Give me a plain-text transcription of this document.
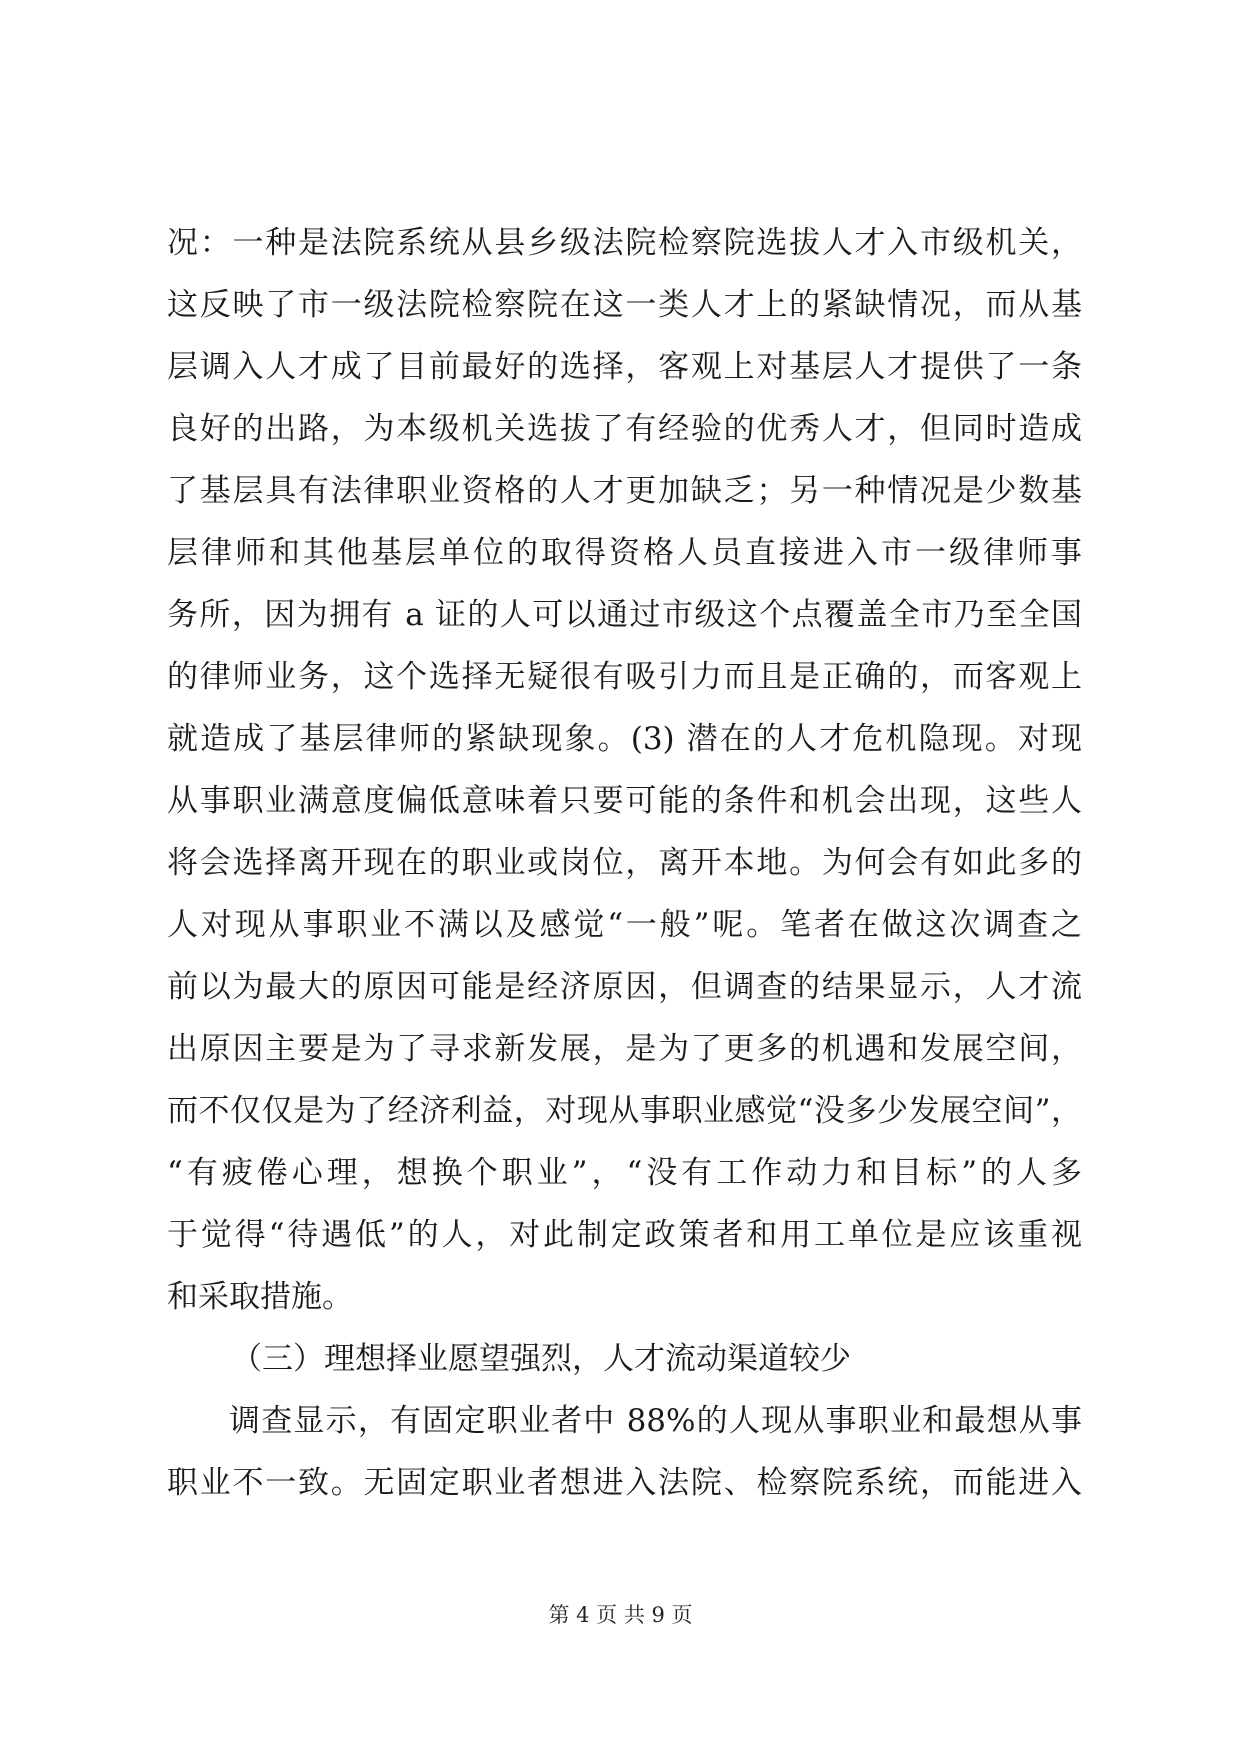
况：一种是法院系统从县乡级法院检察院选拔人才入市级机关，
这反映了市一级法院检察院在这一类人才上的紧缺情况，而从基
层调入人才成了目前最好的选择，客观上对基层人才提供了一条
良好的出路，为本级机关选拔了有经验的优秀人才，但同时造成
了基层具有法律职业资格的人才更加缺乏；另一种情况是少数基
层律师和其他基层单位的取得资格人员直接进入市一级律师事
务所，因为拥有 a 证的人可以通过市级这个点覆盖全市乃至全国
的律师业务，这个选择无疑很有吸引力而且是正确的，而客观上
就造成了基层律师的紧缺现象。(3) 潜在的人才危机隐现。对现
从事职业满意度偏低意味着只要可能的条件和机会出现，这些人
将会选择离开现在的职业或岗位，离开本地。为何会有如此多的
人对现从事职业不满以及感觉“一般”呢。笔者在做这次调查之
前以为最大的原因可能是经济原因，但调查的结果显示，人才流
出原因主要是为了寻求新发展，是为了更多的机遇和发展空间，
而不仅仅是为了经济利益，对现从事职业感觉“没多少发展空间”，
“有疲倦心理，想换个职业”，“没有工作动力和目标”的人多
于觉得“待遇低”的人，对此制定政策者和用工单位是应该重视
和采取措施。
（三）理想择业愿望强烈，人才流动渠道较少
调查显示，有固定职业者中 88%的人现从事职业和最想从事
职业不一致。无固定职业者想进入法院、检察院系统，而能进入
第 4 页 共 9 页
